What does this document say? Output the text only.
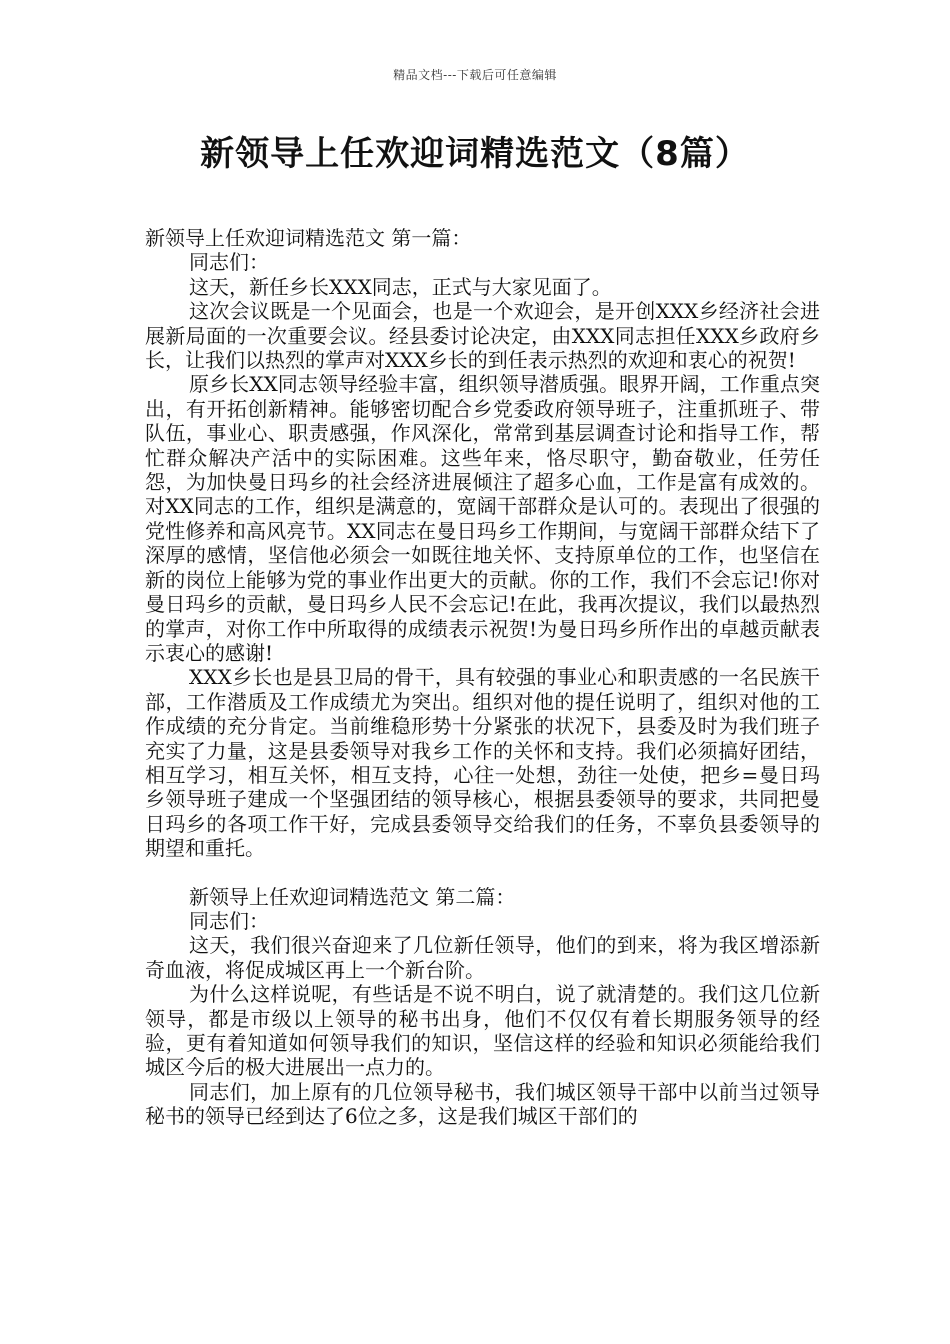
精品文档---下载后可任意编辑
新领导上任欢迎词精选范文（8篇）

新领导上任欢迎词精选范文 第一篇：

同志们：

这天，新任乡长XXX同志，正式与大家见面了。

这次会议既是一个见面会，也是一个欢迎会，是开创XXX乡经济社会进展新局面的一次重要会议。经县委讨论决定，由XXX同志担任XXX乡政府乡长，让我们以热烈的掌声对XXX乡长的到任表示热烈的欢迎和衷心的祝贺!

原乡长XX同志领导经验丰富，组织领导潜质强。眼界开阔，工作重点突出，有开拓创新精神。能够密切配合乡党委政府领导班子，注重抓班子、带队伍，事业心、职责感强，作风深化，常常到基层调查讨论和指导工作，帮忙群众解决产活中的实际困难。这些年来，恪尽职守，勤奋敬业，任劳任怨，为加快曼日玛乡的社会经济进展倾注了超多心血，工作是富有成效的。对XX同志的工作，组织是满意的，宽阔干部群众是认可的。表现出了很强的党性修养和高风亮节。XX同志在曼日玛乡工作期间，与宽阔干部群众结下了深厚的感情，坚信他必须会一如既往地关怀、支持原单位的工作，也坚信在新的岗位上能够为党的事业作出更大的贡献。你的工作，我们不会忘记!你对曼日玛乡的贡献，曼日玛乡人民不会忘记!在此，我再次提议，我们以最热烈的掌声，对你工作中所取得的成绩表示祝贺!为曼日玛乡所作出的卓越贡献表示衷心的感谢!

XXX乡长也是县卫局的骨干，具有较强的事业心和职责感的一名民族干部，工作潜质及工作成绩尤为突出。组织对他的提任说明了，组织对他的工作成绩的充分肯定。当前维稳形势十分紧张的状况下，县委及时为我们班子充实了力量，这是县委领导对我乡工作的关怀和支持。我们必须搞好团结，相互学习，相互关怀，相互支持，心往一处想，劲往一处使，把乡=曼日玛乡领导班子建成一个坚强团结的领导核心，根据县委领导的要求，共同把曼日玛乡的各项工作干好，完成县委领导交给我们的任务，不辜负县委领导的期望和重托。

新领导上任欢迎词精选范文 第二篇：

同志们：

这天，我们很兴奋迎来了几位新任领导，他们的到来，将为我区增添新奇血液，将促成城区再上一个新台阶。

为什么这样说呢，有些话是不说不明白，说了就清楚的。我们这几位新领导，都是市级以上领导的秘书出身，他们不仅仅有着长期服务领导的经验，更有着知道如何领导我们的知识，坚信这样的经验和知识必须能给我们城区今后的极大进展出一点力的。

同志们，加上原有的几位领导秘书，我们城区领导干部中以前当过领导秘书的领导已经到达了6位之多，这是我们城区干部们的
